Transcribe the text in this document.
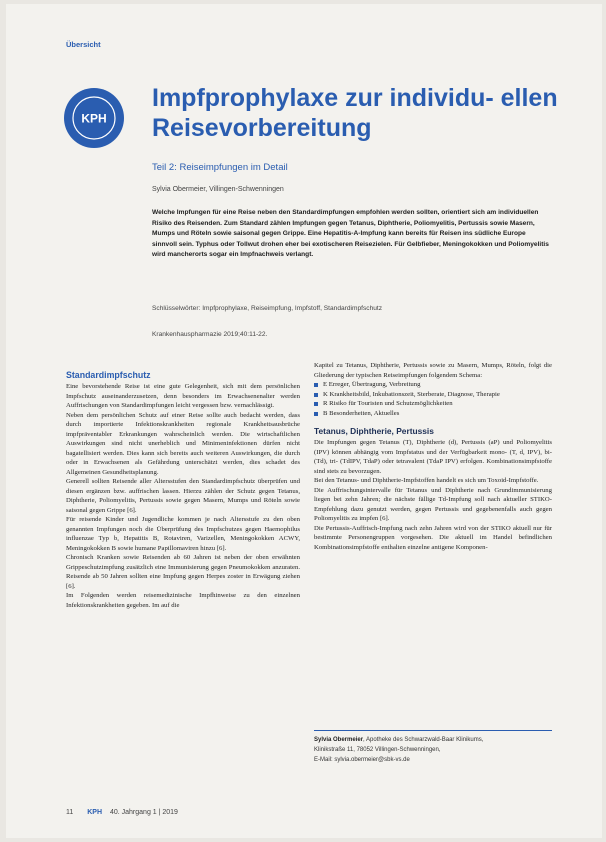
Übersicht
KPH
Impfprophylaxe zur individu- ellen Reisevorbereitung
Teil 2: Reiseimpfungen im Detail
Sylvia Obermeier, Villingen-Schwenningen

Welche Impfungen für eine Reise neben den Standardimpfungen empfohlen werden sollten, orientiert sich am individuellen Risiko des Reisenden. Zum Standard zählen Impfungen gegen Tetanus, Diphtherie, Poliomyelitis, Pertussis sowie Masern, Mumps und Röteln sowie saisonal gegen Grippe. Eine Hepatitis-A-Impfung kann bereits für Reisen ins südliche Europe sinnvoll sein. Typhus oder Tollwut drohen eher bei exotischeren Reisezielen. Für Gelbfieber, Meningokokken und Poliomyelitis wird mancherorts sogar ein Impfnachweis verlangt.

Schlüsselwörter: Impfprophylaxe, Reiseimpfung, Impfstoff, Standardimpfschutz
Krankenhauspharmazie 2019;40:11-22.
Standardimpfschutz

Eine bevorstehende Reise ist eine gute Gelegenheit, sich mit dem persönlichen Impfschutz auseinanderzusetzen, denn besonders im Erwachsenenalter werden Auffrischungen von Standardimpfungen leicht vergessen bzw. vernachlässigt.

Neben dem persönlichen Schutz auf einer Reise sollte auch bedacht werden, dass durch importierte Infektionskrankheiten regionale Krankheitsausbrüche impfpräventabler Erkrankungen wahrscheinlich werden. Die wirtschaftlichen Auswirkungen sind nicht unerheblich und Minimeninfektionen dürfen nicht bagatellisiert werden. Dies kann sich bereits auch weiteren Auswirkungen, die durch oder in Erwachsenen als Gefährdung unterschätzt werden, dies schadet des Allgemeinen Gesundheitsplanung.

Generell sollten Reisende aller Altersstufen den Standardimpfschutz überprüfen und diesen ergänzen bzw. auffrischen lassen. Hierzu zählen der Schutz gegen Tetanus, Diphtherie, Poliomyelitis, Pertussis sowie gegen Masern, Mumps und Röteln sowie saisonal gegen Grippe [6].

Für reisende Kinder und Jugendliche kommen je nach Altersstufe zu den oben genannten Impfungen noch die Überprüfung des Impfschutzes gegen Haemophilus influenzae Typ b, Hepatitis B, Rotaviren, Varizellen, Meningokokken ACWY, Meningokokken B sowie humane Papillomaviren hinzu [6].

Chronisch Kranken sowie Reisenden ab 60 Jahren ist neben der oben erwähnten Grippeschutzimpfung zusätzlich eine Immunisierung gegen Pneumokokken anzuraten. Reisende ab 50 Jahren sollten eine Impfung gegen Herpes zoster in Erwägung ziehen [6].

Im Folgenden werden reisemedizinische Impfhinweise zu den einzelnen Infektionskrankheiten gegeben. Im auf die

Kapitel zu Tetanus, Diphtherie, Pertussis sowie zu Masern, Mumps, Röteln, folgt die Gliederung der typischen Reiseimpfungen folgendem Schema:

E Erreger, Übertragung, Verbreitung
K Krankheitsbild, Inkubationszeit, Sterberate, Diagnose, Therapie
R Risiko für Touristen und Schutzmöglichkeiten
B Besonderheiten, Aktuelles
Tetanus, Diphtherie, Pertussis

Die Impfungen gegen Tetanus (T), Diphtherie (d), Pertussis (aP) und Poliomyelitis (IPV) können abhängig vom Impfstatus und der Verfügbarkeit mono- (T, d, IPV), bi- (Td), tri- (TdIPV, TdaP) oder tetravalent (TdaP IPV) erfolgen. Kombinationsimpfstoffe sind stets zu bevorzugen.

Bei den Tetanus- und Diphtherie-Impfstoffen handelt es sich um Toxoid-Impfstoffe.

Die Auffrischungsintervalle für Tetanus und Diphtherie nach Grundimmunisierung liegen bei zehn Jahren; die nächste fällige Td-Impfung soll nach aktueller STIKO-Empfehlung dazu genutzt werden, gegen Pertussis und gegebenenfalls auch gegen Poliomyelitis zu impfen [6].

Die Pertussis-Auffrisch-Impfung nach zehn Jahren wird von der STIKO aktuell nur für bestimmte Personengruppen vorgesehen. Die aktuell im Handel befindlichen Kombinationsimpfstoffe enthalten einzelne antigene Komponen-

Sylvia Obermeier, Apotheke des Schwarzwald-Baar Klinikums,
Klinikstraße 11, 78052 Villingen-Schwenningen,
E-Mail: sylvia.obermeier@sbk-vs.de
11 KPH 40. Jahrgang 1 | 2019
